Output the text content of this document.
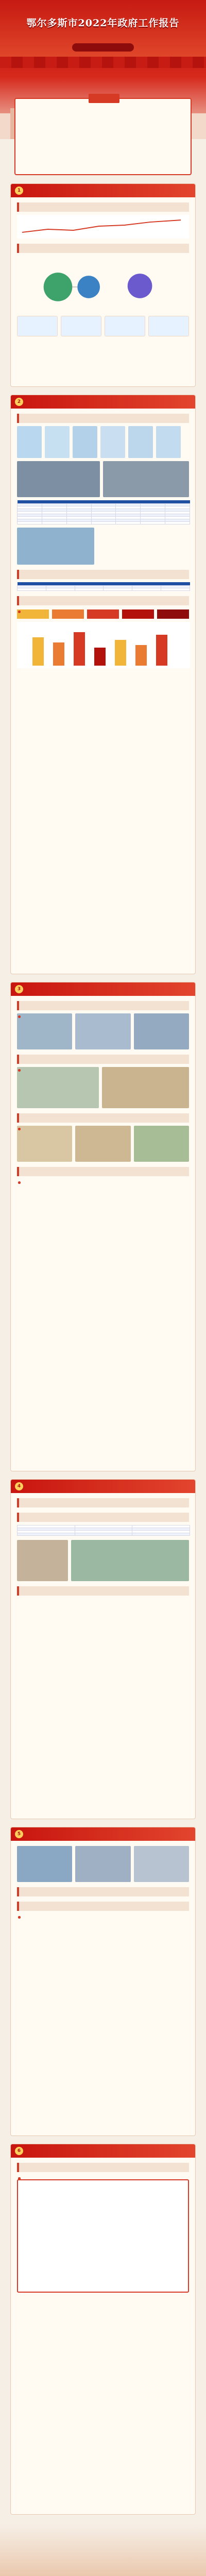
鄂尔多斯市2022年政府工作报告

1
2

3
4

5
6
